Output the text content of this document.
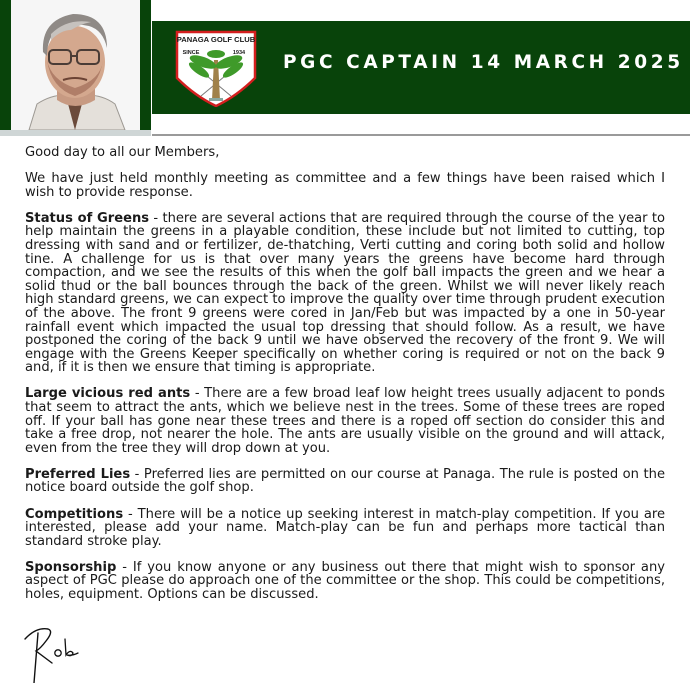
PANAGA GOLF CLUB
SINCE	1934 PGC CAPTAIN 14 MARCH 2025

Good day to all our Members,

We have just held monthly meeting as committee and a few things have been raised which I wish to provide response.

Status of Greens - there are several actions that are required through the course of the year to help maintain the greens in a playable condition, these include but not limited to cutting, top dressing with sand and or fertilizer, de-thatching, Verti cutting and coring both solid and hollow tine. A challenge for us is that over many years the greens have become hard through compaction, and we see the results of this when the golf ball impacts the green and we hear a solid thud or the ball bounces through the back of the green. Whilst we will never likely reach high standard greens, we can expect to improve the quality over time through prudent execution of the above. The front 9 greens were cored in Jan/Feb but was impacted by a one in 50-year rainfall event which impacted the usual top dressing that should follow. As a result, we have postponed the coring of the back 9 until we have observed the recovery of the front 9. We will engage with the Greens Keeper specifically on whether coring is required or not on the back 9 and, if it is then we ensure that timing is appropriate.

Large vicious red ants - There are a few broad leaf low height trees usually adjacent to ponds that seem to attract the ants, which we believe nest in the trees. Some of these trees are roped off. If your ball has gone near these trees and there is a roped off section do consider this and take a free drop, not nearer the hole. The ants are usually visible on the ground and will attack, even from the tree they will drop down at you.

Preferred Lies - Preferred lies are permitted on our course at Panaga. The rule is posted on the notice board outside the golf shop.

Competitions - There will be a notice up seeking interest in match-play competition. If you are interested, please add your name. Match-play can be fun and perhaps more tactical than standard stroke play.

Sponsorship - If you know anyone or any business out there that might wish to sponsor any aspect of PGC please do approach one of the committee or the shop. This could be competitions, holes, equipment. Options can be discussed.
